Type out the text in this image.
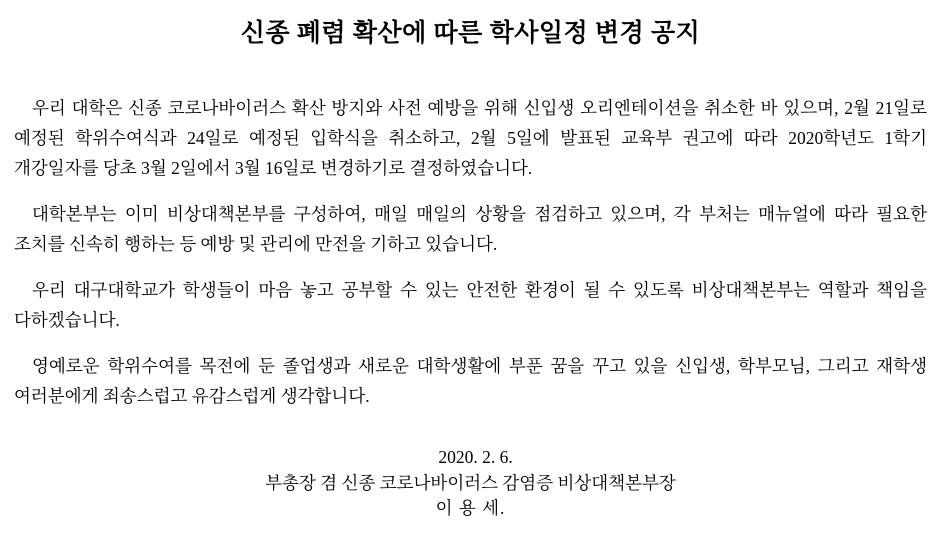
신종 폐렴 확산에 따른 학사일정 변경 공지

우리 대학은 신종 코로나바이러스 확산 방지와 사전 예방을 위해 신입생 오리엔테이션을 취소한 바 있으며, 2월 21일로 예정된 학위수여식과 24일로 예정된 입학식을 취소하고, 2월 5일에 발표된 교육부 권고에 따라 2020학년도 1학기 개강일자를 당초 3월 2일에서 3월 16일로 변경하기로 결정하였습니다.

대학본부는 이미 비상대책본부를 구성하여, 매일 매일의 상황을 점검하고 있으며, 각 부처는 매뉴얼에 따라 필요한 조치를 신속히 행하는 등 예방 및 관리에 만전을 기하고 있습니다.

우리 대구대학교가 학생들이 마음 놓고 공부할 수 있는 안전한 환경이 될 수 있도록 비상대책본부는 역할과 책임을 다하겠습니다.

영예로운 학위수여를 목전에 둔 졸업생과 새로운 대학생활에 부푼 꿈을 꾸고 있을 신입생, 학부모님, 그리고 재학생 여러분에게 죄송스럽고 유감스럽게 생각합니다.

2020. 2. 6.
부총장 겸 신종 코로나바이러스 감염증 비상대책본부장
이 용 세.
